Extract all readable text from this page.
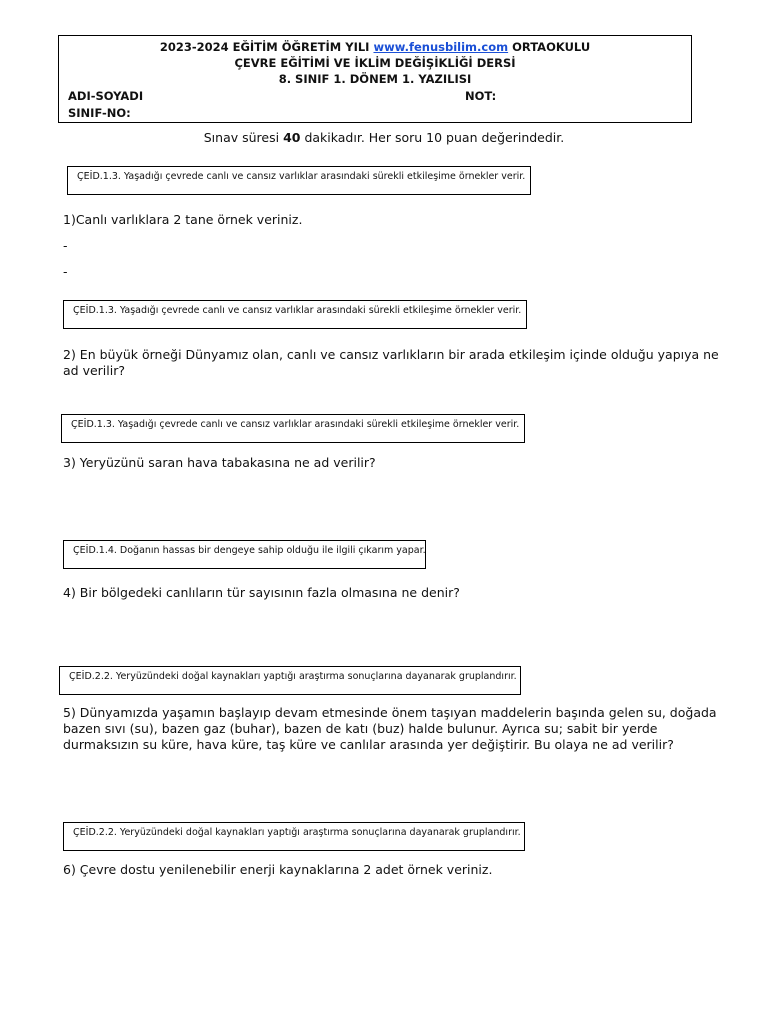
2023-2024 EĞİTİM ÖĞRETİM YILI www.fenusbilim.com ORTAOKULU
ÇEVRE EĞİTİMİ VE İKLİM DEĞİŞİKLİĞİ DERSİ
8. SINIF 1. DÖNEM 1. YAZILISI
ADI-SOYADI	NOT:
SINIF-NO:
Sınav süresi 40 dakikadır. Her soru 10 puan değerindedir.
ÇEİD.1.3. Yaşadığı çevrede canlı ve cansız varlıklar arasındaki sürekli etkileşime örnekler verir.
1)Canlı varlıklara 2 tane örnek veriniz.
-
-
ÇEİD.1.3. Yaşadığı çevrede canlı ve cansız varlıklar arasındaki sürekli etkileşime örnekler verir.
2) En büyük örneği Dünyamız olan, canlı ve cansız varlıkların bir arada etkileşim içinde olduğu yapıya ne ad verilir?
ÇEİD.1.3. Yaşadığı çevrede canlı ve cansız varlıklar arasındaki sürekli etkileşime örnekler verir.
3) Yeryüzünü saran hava tabakasına ne ad verilir?
ÇEİD.1.4. Doğanın hassas bir dengeye sahip olduğu ile ilgili çıkarım yapar.
4) Bir bölgedeki canlıların tür sayısının fazla olmasına ne denir?
ÇEİD.2.2. Yeryüzündeki doğal kaynakları yaptığı araştırma sonuçlarına dayanarak gruplandırır.
5) Dünyamızda yaşamın başlayıp devam etmesinde önem taşıyan maddelerin başında gelen su, doğada bazen sıvı (su), bazen gaz (buhar), bazen de katı (buz) halde bulunur. Ayrıca su; sabit bir yerde durmaksızın su küre, hava küre, taş küre ve canlılar arasında yer değiştirir. Bu olaya ne ad verilir?
ÇEİD.2.2. Yeryüzündeki doğal kaynakları yaptığı araştırma sonuçlarına dayanarak gruplandırır.
6) Çevre dostu yenilenebilir enerji kaynaklarına 2 adet örnek veriniz.
